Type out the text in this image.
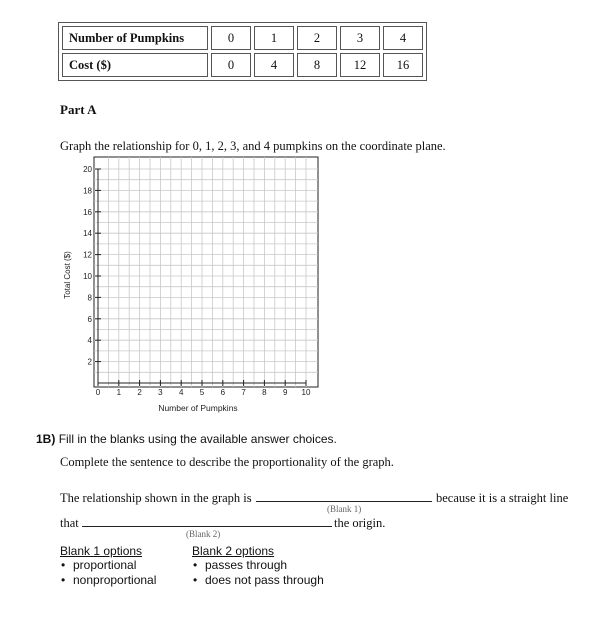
Number of Pumpkins	0	1	2	3	4
Cost ($)	0	4	8	12	16
Part A
Graph the relationship for 0, 1, 2, 3, and 4 pumpkins on the coordinate plane.
0 1 2 3 4 5 6 7 8 9 10
2
4
6
8
10
12
14
16
18
20
Number of Pumpkins
Total Cost ($)
1B) Fill in the blanks using the available answer choices.
Complete the sentence to describe the proportionality of the graph.
The relationship shown in the graph is
(Blank 1)
because it is a straight line
that	the origin.
(Blank 2)
Blank 1 options
• proportional
• nonproportional
Blank 2 options
• passes through
• does not pass through
